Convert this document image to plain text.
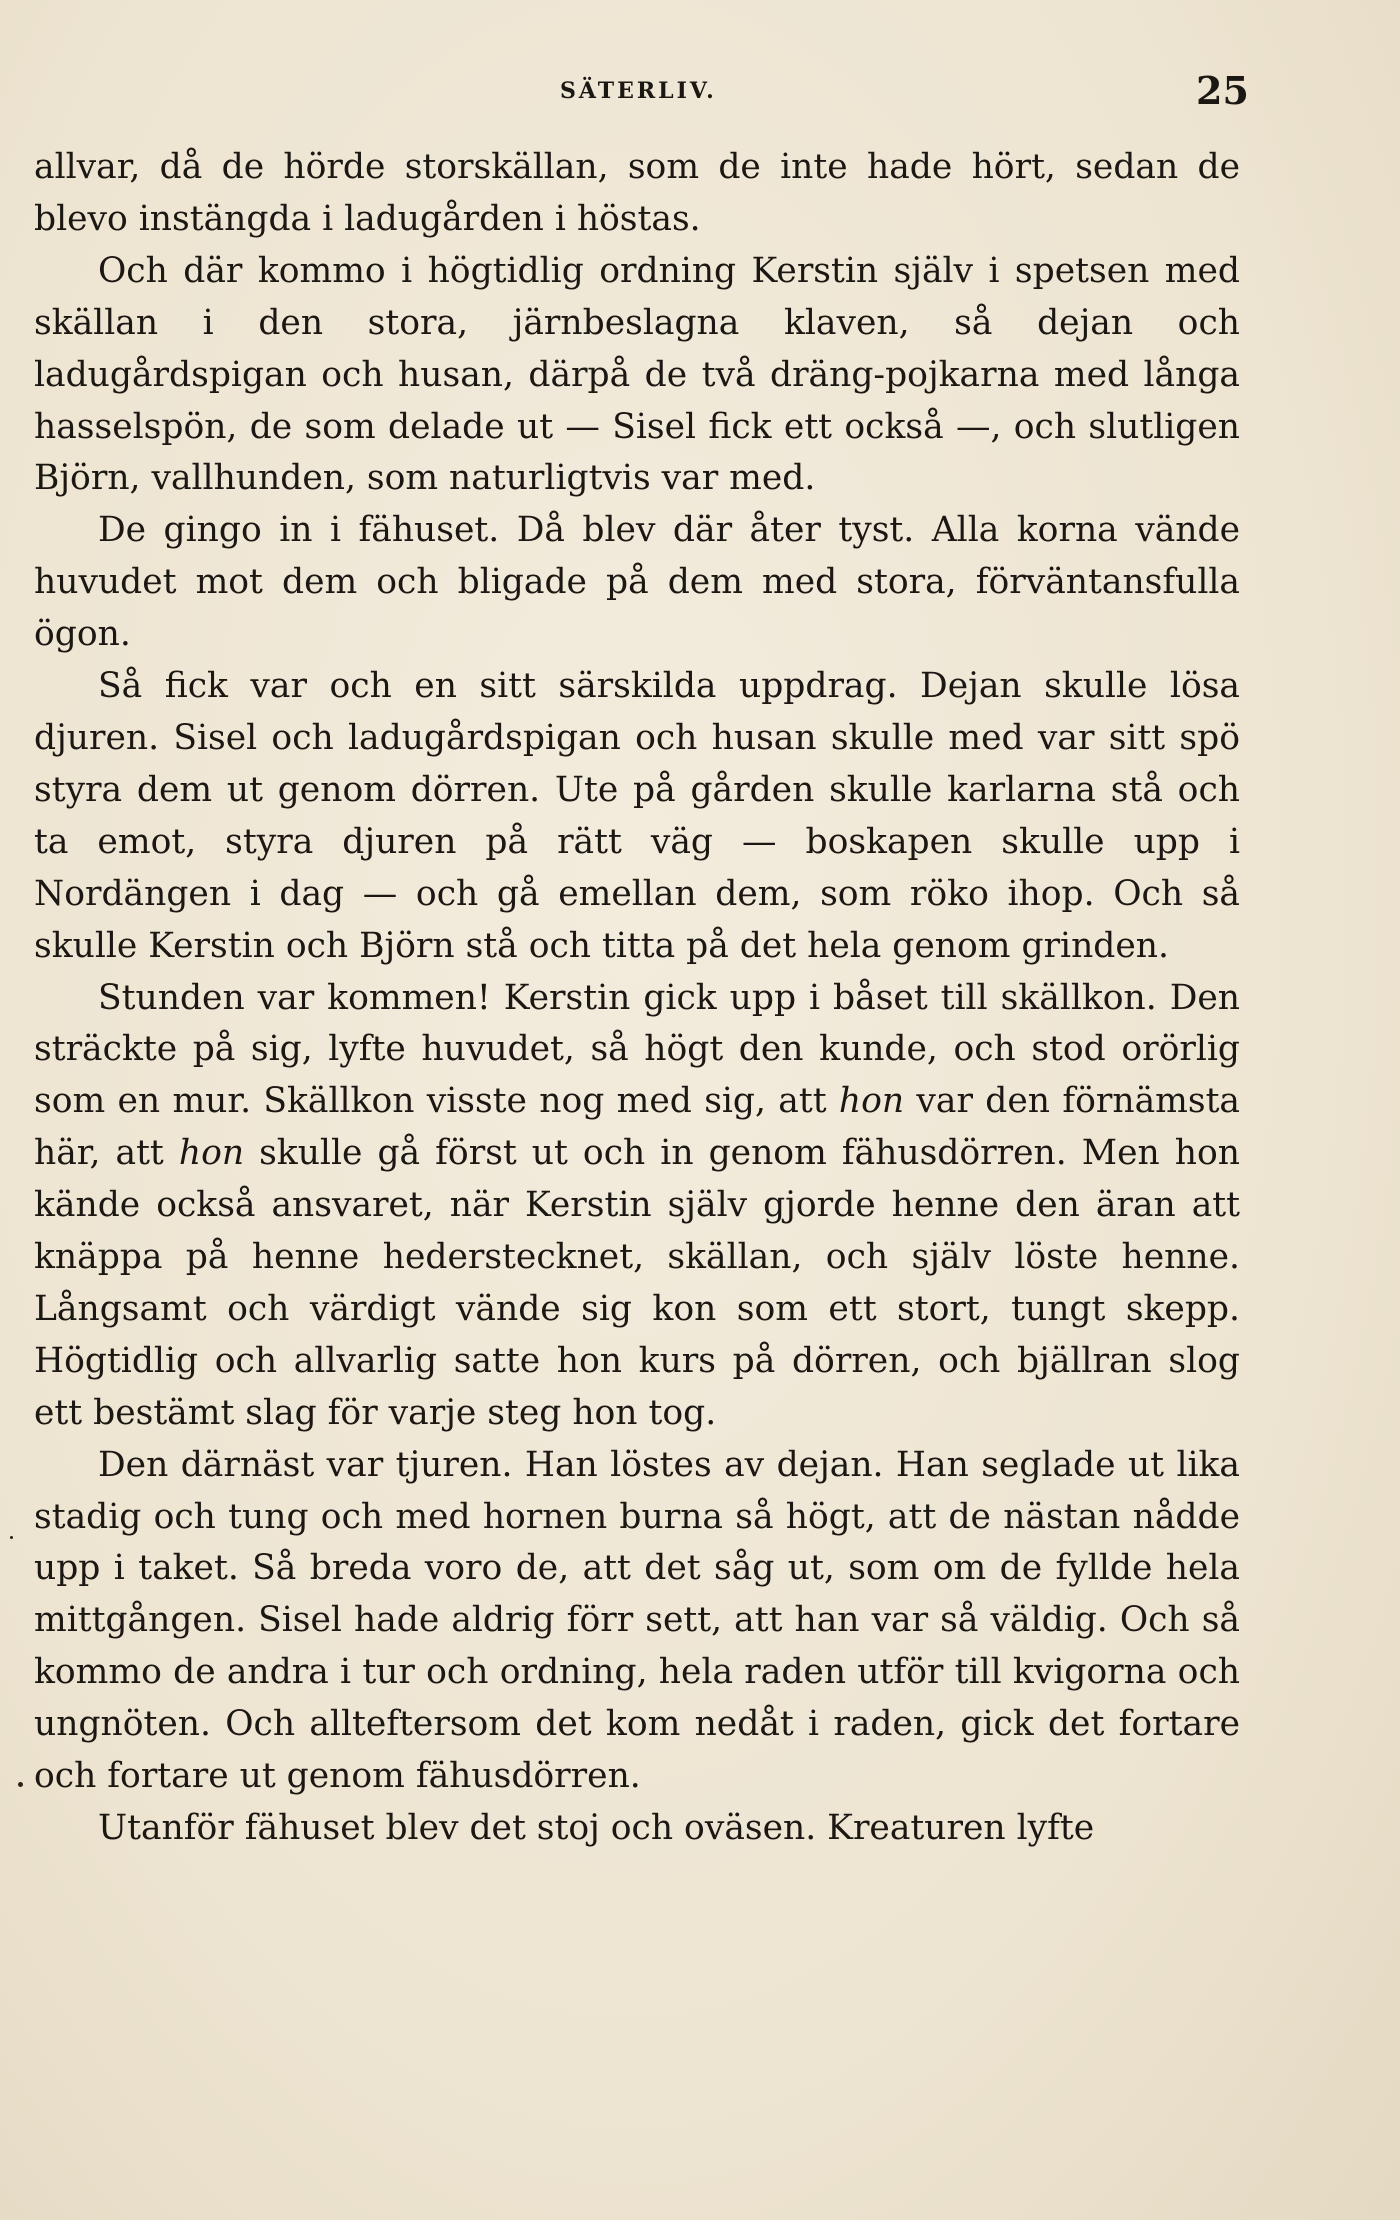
SÄTERLIV.	25

allvar, då de hörde storskällan, som de inte hade hört, sedan de blevo instängda i ladugården i höstas.

Och där kommo i högtidlig ordning Kerstin själv i spetsen med skällan i den stora, järnbeslagna klaven, så dejan och ladugårdspigan och husan, därpå de två dräng-pojkarna med långa hasselspön, de som delade ut — Sisel fick ett också —, och slutligen Björn, vallhunden, som naturligtvis var med.

De gingo in i fähuset. Då blev där åter tyst. Alla korna vände huvudet mot dem och bligade på dem med stora, förväntansfulla ögon.

Så fick var och en sitt särskilda uppdrag. Dejan skulle lösa djuren. Sisel och ladugårdspigan och husan skulle med var sitt spö styra dem ut genom dörren. Ute på gården skulle karlarna stå och ta emot, styra djuren på rätt väg — boskapen skulle upp i Nordängen i dag — och gå emellan dem, som röko ihop. Och så skulle Kerstin och Björn stå och titta på det hela genom grinden.

Stunden var kommen! Kerstin gick upp i båset till skällkon. Den sträckte på sig, lyfte huvudet, så högt den kunde, och stod orörlig som en mur. Skällkon visste nog med sig, att hon var den förnämsta här, att hon skulle gå först ut och in genom fähusdörren. Men hon kände också ansvaret, när Kerstin själv gjorde henne den äran att knäppa på henne hederstecknet, skällan, och själv löste henne. Långsamt och värdigt vände sig kon som ett stort, tungt skepp. Högtidlig och allvarlig satte hon kurs på dörren, och bjällran slog ett bestämt slag för varje steg hon tog.

Den därnäst var tjuren. Han löstes av dejan. Han seglade ut lika stadig och tung och med hornen burna så högt, att de nästan nådde upp i taket. Så breda voro de, att det såg ut, som om de fyllde hela mittgången. Sisel hade aldrig förr sett, att han var så väldig. Och så kommo de andra i tur och ordning, hela raden utför till kvigorna och ungnöten. Och allteftersom det kom nedåt i raden, gick det fortare och fortare ut genom fähusdörren.

Utanför fähuset blev det stoj och oväsen. Kreaturen lyfte
